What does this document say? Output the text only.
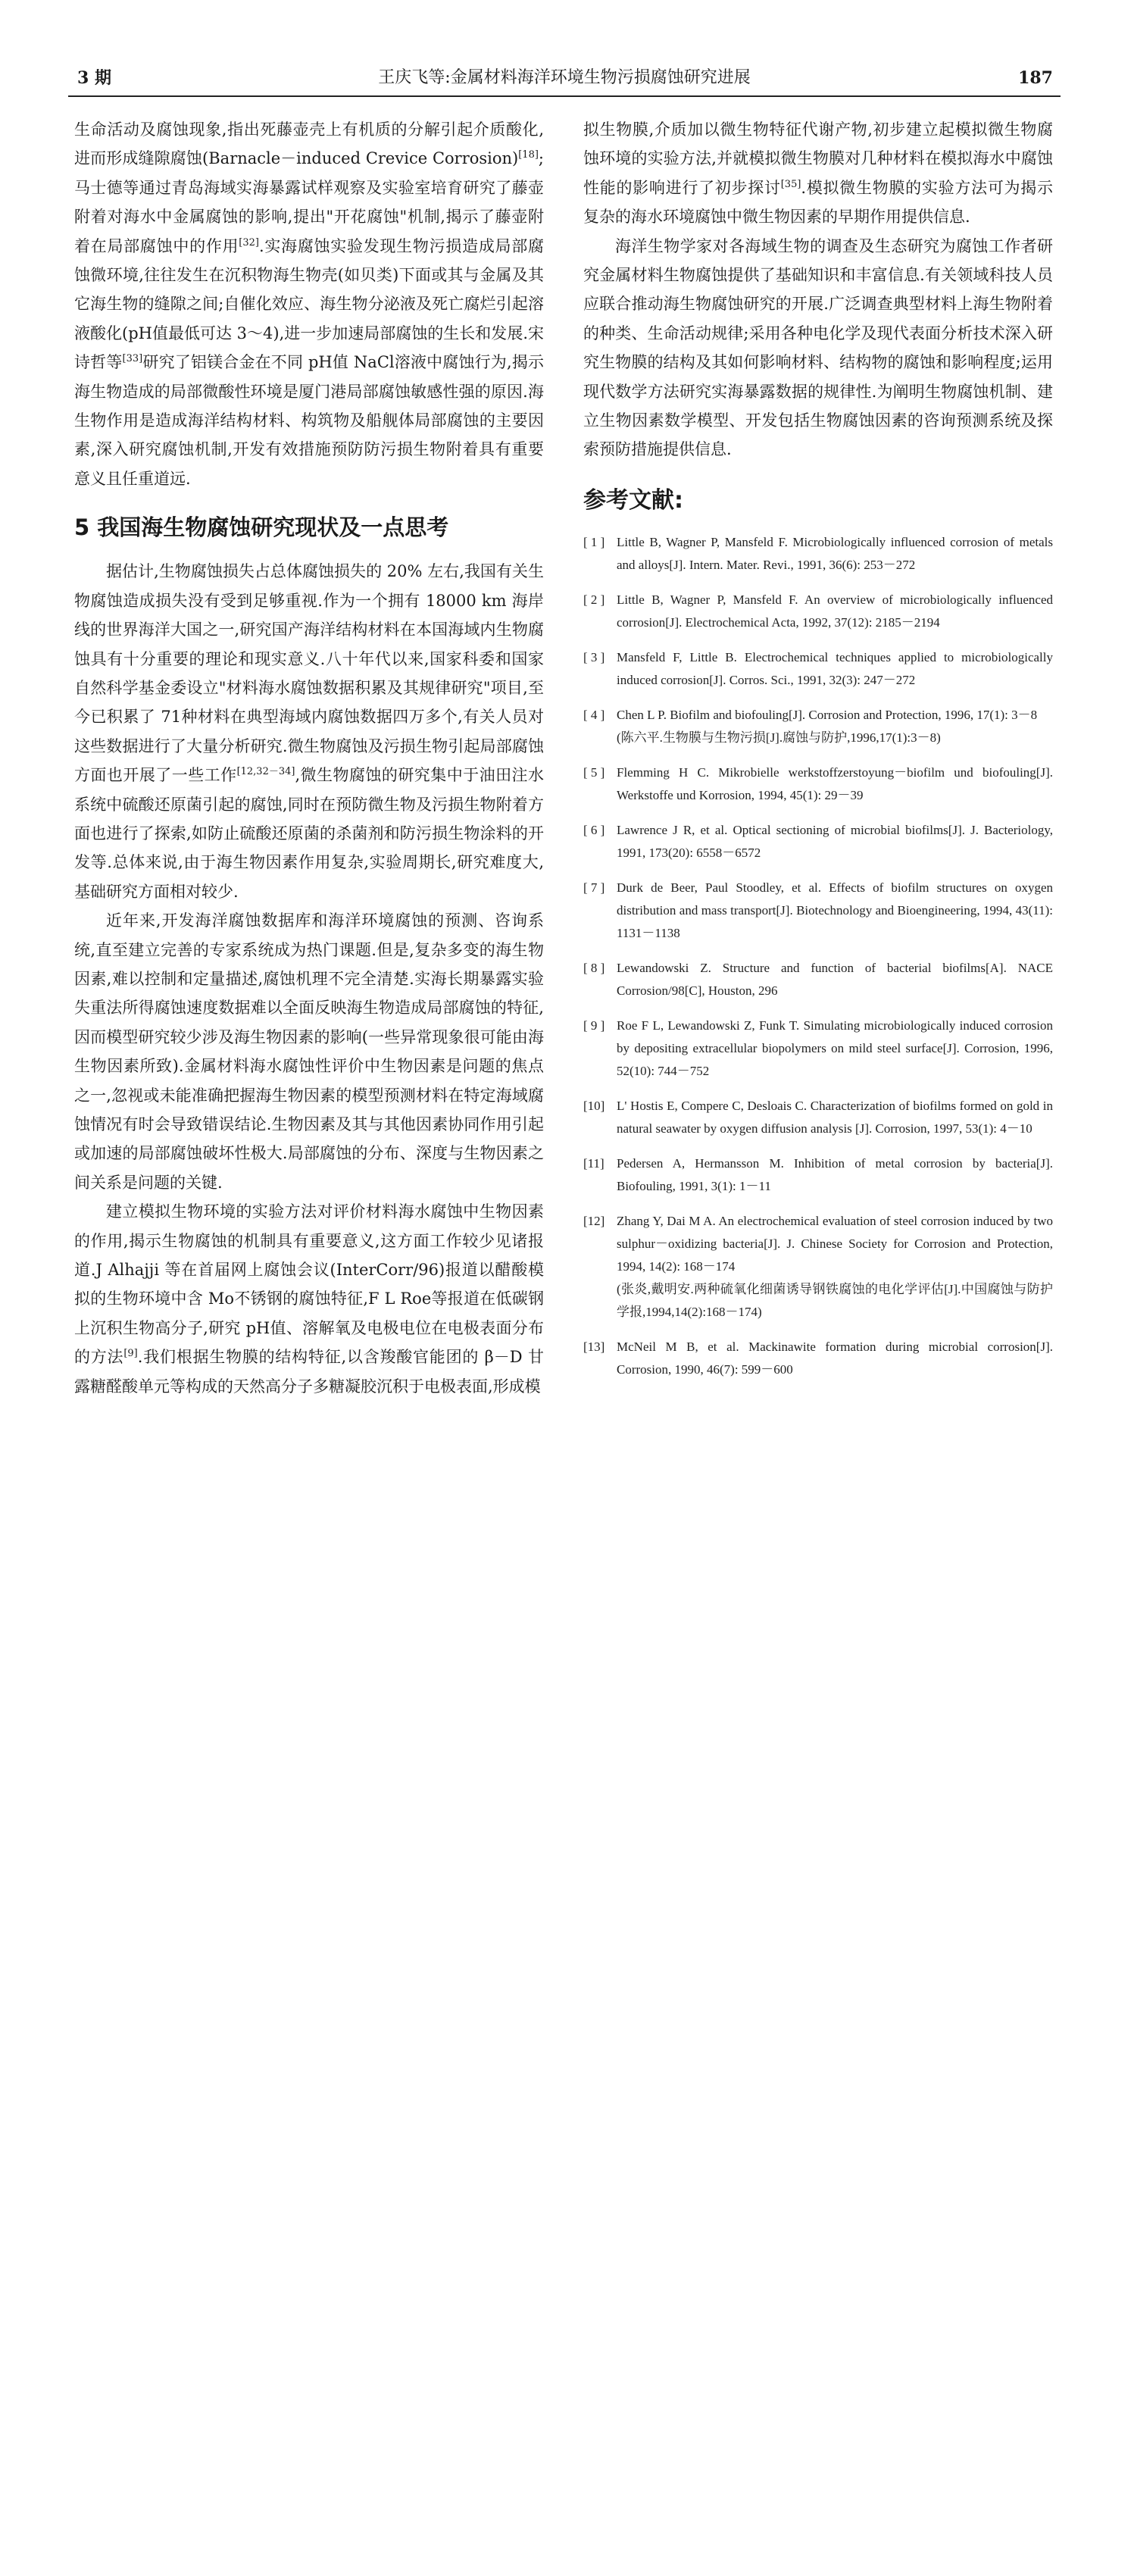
3 期	王庆飞等:金属材料海洋环境生物污损腐蚀研究进展	187

生命活动及腐蚀现象,指出死藤壶壳上有机质的分解引起介质酸化,进而形成缝隙腐蚀(Barnacle－induced Crevice Corrosion)[18];马士德等通过青岛海域实海暴露试样观察及实验室培育研究了藤壶附着对海水中金属腐蚀的影响,提出"开花腐蚀"机制,揭示了藤壶附着在局部腐蚀中的作用[32].实海腐蚀实验发现生物污损造成局部腐蚀微环境,往往发生在沉积物海生物壳(如贝类)下面或其与金属及其它海生物的缝隙之间;自催化效应、海生物分泌液及死亡腐烂引起溶液酸化(pH值最低可达 3～4),进一步加速局部腐蚀的生长和发展.宋诗哲等[33]研究了铝镁合金在不同 pH值 NaCl溶液中腐蚀行为,揭示海生物造成的局部微酸性环境是厦门港局部腐蚀敏感性强的原因.海生物作用是造成海洋结构材料、构筑物及船舰体局部腐蚀的主要因素,深入研究腐蚀机制,开发有效措施预防防污损生物附着具有重要意义且任重道远.

5 我国海生物腐蚀研究现状及一点思考

据估计,生物腐蚀损失占总体腐蚀损失的 20% 左右,我国有关生物腐蚀造成损失没有受到足够重视.作为一个拥有 18000 km 海岸线的世界海洋大国之一,研究国产海洋结构材料在本国海域内生物腐蚀具有十分重要的理论和现实意义.八十年代以来,国家科委和国家自然科学基金委设立"材料海水腐蚀数据积累及其规律研究"项目,至今已积累了 71种材料在典型海域内腐蚀数据四万多个,有关人员对这些数据进行了大量分析研究.微生物腐蚀及污损生物引起局部腐蚀方面也开展了一些工作[12,32－34],微生物腐蚀的研究集中于油田注水系统中硫酸还原菌引起的腐蚀,同时在预防微生物及污损生物附着方面也进行了探索,如防止硫酸还原菌的杀菌剂和防污损生物涂料的开发等.总体来说,由于海生物因素作用复杂,实验周期长,研究难度大,基础研究方面相对较少.

近年来,开发海洋腐蚀数据库和海洋环境腐蚀的预测、咨询系统,直至建立完善的专家系统成为热门课题.但是,复杂多变的海生物因素,难以控制和定量描述,腐蚀机理不完全清楚.实海长期暴露实验失重法所得腐蚀速度数据难以全面反映海生物造成局部腐蚀的特征,因而模型研究较少涉及海生物因素的影响(一些异常现象很可能由海生物因素所致).金属材料海水腐蚀性评价中生物因素是问题的焦点之一,忽视或未能准确把握海生物因素的模型预测材料在特定海域腐蚀情况有时会导致错误结论.生物因素及其与其他因素协同作用引起或加速的局部腐蚀破坏性极大.局部腐蚀的分布、深度与生物因素之间关系是问题的关键.

建立模拟生物环境的实验方法对评价材料海水腐蚀中生物因素的作用,揭示生物腐蚀的机制具有重要意义,这方面工作较少见诸报道.J Alhajji 等在首届网上腐蚀会议(InterCorr/96)报道以醋酸模拟的生物环境中含 Mo不锈钢的腐蚀特征,F L Roe等报道在低碳钢上沉积生物高分子,研究 pH值、溶解氧及电极电位在电极表面分布的方法[9].我们根据生物膜的结构特征,以含羧酸官能团的 β－D 甘露糖醛酸单元等构成的天然高分子多糖凝胶沉积于电极表面,形成模

拟生物膜,介质加以微生物特征代谢产物,初步建立起模拟微生物腐蚀环境的实验方法,并就模拟微生物膜对几种材料在模拟海水中腐蚀性能的影响进行了初步探讨[35].模拟微生物膜的实验方法可为揭示复杂的海水环境腐蚀中微生物因素的早期作用提供信息.

海洋生物学家对各海域生物的调查及生态研究为腐蚀工作者研究金属材料生物腐蚀提供了基础知识和丰富信息.有关领域科技人员应联合推动海生物腐蚀研究的开展.广泛调查典型材料上海生物附着的种类、生命活动规律;采用各种电化学及现代表面分析技术深入研究生物膜的结构及其如何影响材料、结构物的腐蚀和影响程度;运用现代数学方法研究实海暴露数据的规律性.为阐明生物腐蚀机制、建立生物因素数学模型、开发包括生物腐蚀因素的咨询预测系统及探索预防措施提供信息.

参考文献:
[ 1 ] Little B, Wagner P, Mansfeld F. Microbiologically influenced corrosion of metals and alloys[J]. Intern. Mater. Revi., 1991, 36(6): 253－272
[ 2 ] Little B, Wagner P, Mansfeld F. An overview of microbiologically influenced corrosion[J]. Electrochemical Acta, 1992, 37(12): 2185－2194
[ 3 ] Mansfeld F, Little B. Electrochemical techniques applied to microbiologically induced corrosion[J]. Corros. Sci., 1991, 32(3): 247－272
[ 4 ] Chen L P. Biofilm and biofouling[J]. Corrosion and Protection, 1996, 17(1): 3－8
(陈六平.生物膜与生物污损[J].腐蚀与防护,1996,17(1):3－8)
[ 5 ] Flemming H C. Mikrobielle werkstoffzerstoyung－biofilm und biofouling[J]. Werkstoffe und Korrosion, 1994, 45(1): 29－39
[ 6 ] Lawrence J R, et al. Optical sectioning of microbial biofilms[J]. J. Bacteriology, 1991, 173(20): 6558－6572
[ 7 ] Durk de Beer, Paul Stoodley, et al. Effects of biofilm structures on oxygen distribution and mass transport[J]. Biotechnology and Bioengineering, 1994, 43(11): 1131－1138
[ 8 ] Lewandowski Z. Structure and function of bacterial biofilms[A]. NACE Corrosion/98[C], Houston, 296
[ 9 ] Roe F L, Lewandowski Z, Funk T. Simulating microbiologically induced corrosion by depositing extracellular biopolymers on mild steel surface[J]. Corrosion, 1996, 52(10): 744－752
[10] L' Hostis E, Compere C, Desloais C. Characterization of biofilms formed on gold in natural seawater by oxygen diffusion analysis [J]. Corrosion, 1997, 53(1): 4－10
[11] Pedersen A, Hermansson M. Inhibition of metal corrosion by bacteria[J]. Biofouling, 1991, 3(1): 1－11
[12] Zhang Y, Dai M A. An electrochemical evaluation of steel corrosion induced by two sulphur－oxidizing bacteria[J]. J. Chinese Society for Corrosion and Protection, 1994, 14(2): 168－174
(张炎,戴明安.两种硫氧化细菌诱导钢铁腐蚀的电化学评估[J].中国腐蚀与防护学报,1994,14(2):168－174)
[13] McNeil M B, et al. Mackinawite formation during microbial corrosion[J]. Corrosion, 1990, 46(7): 599－600
